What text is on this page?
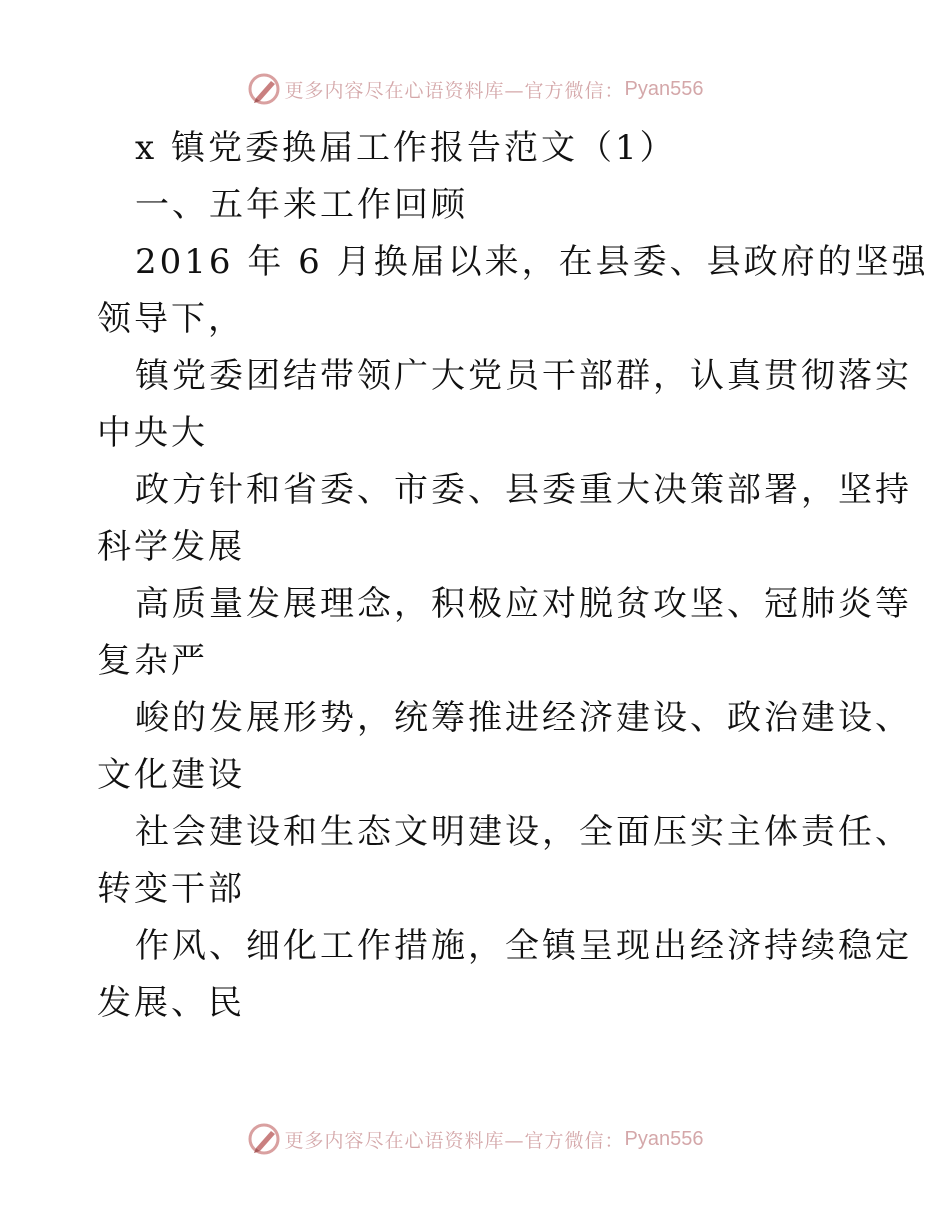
更多内容尽在心语资料库—官方微信： Pyan556
x 镇党委换届工作报告范文（1）
一、五年来工作回顾
2016 年 6 月换届以来，在县委、县政府的坚强
领导下，
镇党委团结带领广大党员干部群，认真贯彻落实
中央大
政方针和省委、市委、县委重大决策部署，坚持
科学发展
高质量发展理念，积极应对脱贫攻坚、冠肺炎等
复杂严
峻的发展形势，统筹推进经济建设、政治建设、
文化建设
社会建设和生态文明建设，全面压实主体责任、
转变干部
作风、细化工作措施，全镇呈现出经济持续稳定
发展、民
更多内容尽在心语资料库—官方微信： Pyan556
